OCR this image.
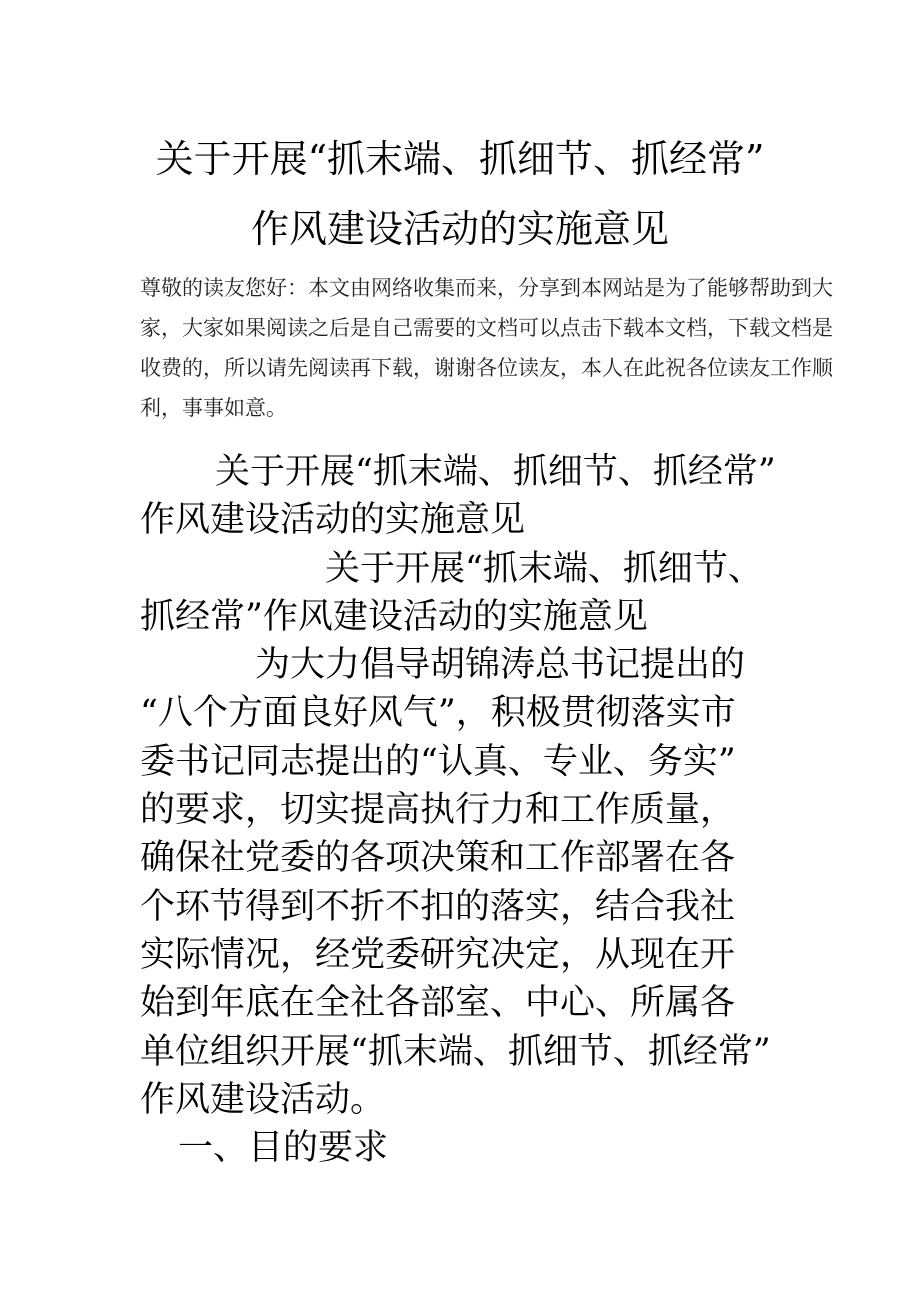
关于开展“抓末端、抓细节、抓经常”
作风建设活动的实施意见
尊敬的读友您好：本文由网络收集而来，分享到本网站是为了能够帮助到大
家，大家如果阅读之后是自己需要的文档可以点击下载本文档，下载文档是
收费的，所以请先阅读再下载，谢谢各位读友，本人在此祝各位读友工作顺
利，事事如意。
关于开展“抓末端、抓细节、抓经常”
作风建设活动的实施意见
关于开展“抓末端、抓细节、
抓经常”作风建设活动的实施意见
为大力倡导胡锦涛总书记提出的
“八个方面良好风气”，积极贯彻落实市
委书记同志提出的“认真、专业、务实”
的要求，切实提高执行力和工作质量，
确保社党委的各项决策和工作部署在各
个环节得到不折不扣的落实，结合我社
实际情况，经党委研究决定，从现在开
始到年底在全社各部室、中心、所属各
单位组织开展“抓末端、抓细节、抓经常”
作风建设活动。
一、目的要求
